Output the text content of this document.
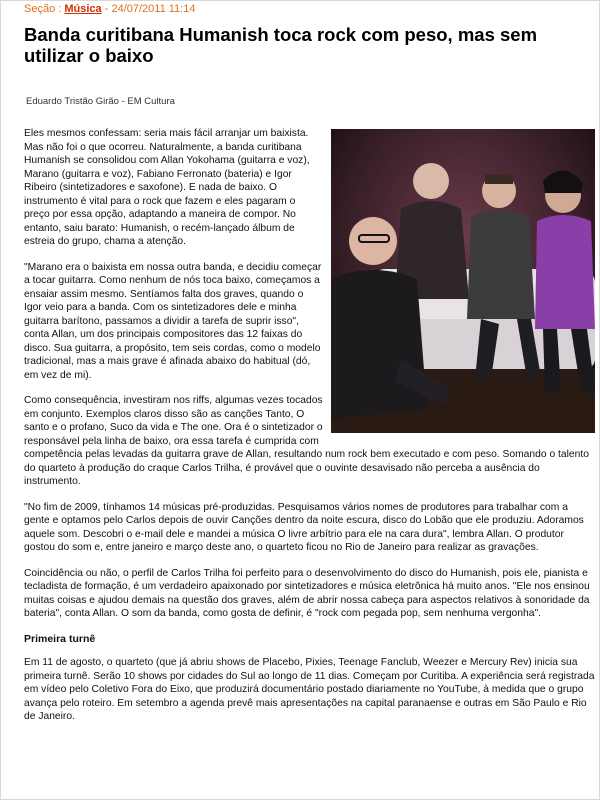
Seção : Música - 24/07/2011 11:14
Banda curitibana Humanish toca rock com peso, mas sem utilizar o baixo
Eduardo Tristão Girão - EM Cultura

Eles mesmos confessam: seria mais fácil arranjar um baixista. Mas não foi o que ocorreu. Naturalmente, a banda curitibana Humanish se consolidou com Allan Yokohama (guitarra e voz), Marano (guitarra e voz), Fabiano Ferronato (bateria) e Igor Ribeiro (sintetizadores e saxofone). E nada de baixo. O instrumento é vital para o rock que fazem e eles pagaram o preço por essa opção, adaptando a maneira de compor. No entanto, saiu barato: Humanish, o recém-lançado álbum de estreia do grupo, chama a atenção.

"Marano era o baixista em nossa outra banda, e decidiu começar a tocar guitarra. Como nenhum de nós toca baixo, começamos a ensaiar assim mesmo. Sentíamos falta dos graves, quando o Igor veio para a banda. Com os sintetizadores dele e minha guitarra barítono, passamos a dividir a tarefa de suprir isso", conta Allan, um dos principais compositores das 12 faixas do disco. Sua guitarra, a propósito, tem seis cordas, como o modelo tradicional, mas a mais grave é afinada abaixo do habitual (dó, em vez de mi).

Como consequência, investiram nos riffs, algumas vezes tocados em conjunto. Exemplos claros disso são as canções Tanto, O santo e o profano, Suco da vida e The one. Ora é o sintetizador o responsável pela linha de baixo, ora essa tarefa é cumprida com competência pelas levadas da guitarra grave de Allan, resultando num rock bem executado e com peso. Somando o talento do quarteto à produção do craque Carlos Trilha, é provável que o ouvinte desavisado não perceba a ausência do instrumento.

"No fim de 2009, tínhamos 14 músicas pré-produzidas. Pesquisamos vários nomes de produtores para trabalhar com a gente e optamos pelo Carlos depois de ouvir Canções dentro da noite escura, disco do Lobão que ele produziu. Adoramos aquele som. Descobri o e-mail dele e mandei a música O livre arbítrio para ele na cara dura", lembra Allan. O produtor gostou do som e, entre janeiro e março deste ano, o quarteto ficou no Rio de Janeiro para realizar as gravações.

Coincidência ou não, o perfil de Carlos Trilha foi perfeito para o desenvolvimento do disco do Humanish, pois ele, pianista e tecladista de formação, é um verdadeiro apaixonado por sintetizadores e música eletrônica há muito anos. "Ele nos ensinou muitas coisas e ajudou demais na questão dos graves, além de abrir nossa cabeça para aspectos relativos à sonoridade da bateria", conta Allan. O som da banda, como gosta de definir, é "rock com pegada pop, sem nenhuma vergonha".

Primeira turnê

Em 11 de agosto, o quarteto (que já abriu shows de Placebo, Pixies, Teenage Fanclub, Weezer e Mercury Rev) inicia sua primeira turnê. Serão 10 shows por cidades do Sul ao longo de 11 dias. Começam por Curitiba. A experiência será registrada em vídeo pelo Coletivo Fora do Eixo, que produzirá documentário postado diariamente no YouTube, à medida que o grupo avança pelo roteiro. Em setembro a agenda prevê mais apresentações na capital paranaense e outras em São Paulo e Rio de Janeiro.
